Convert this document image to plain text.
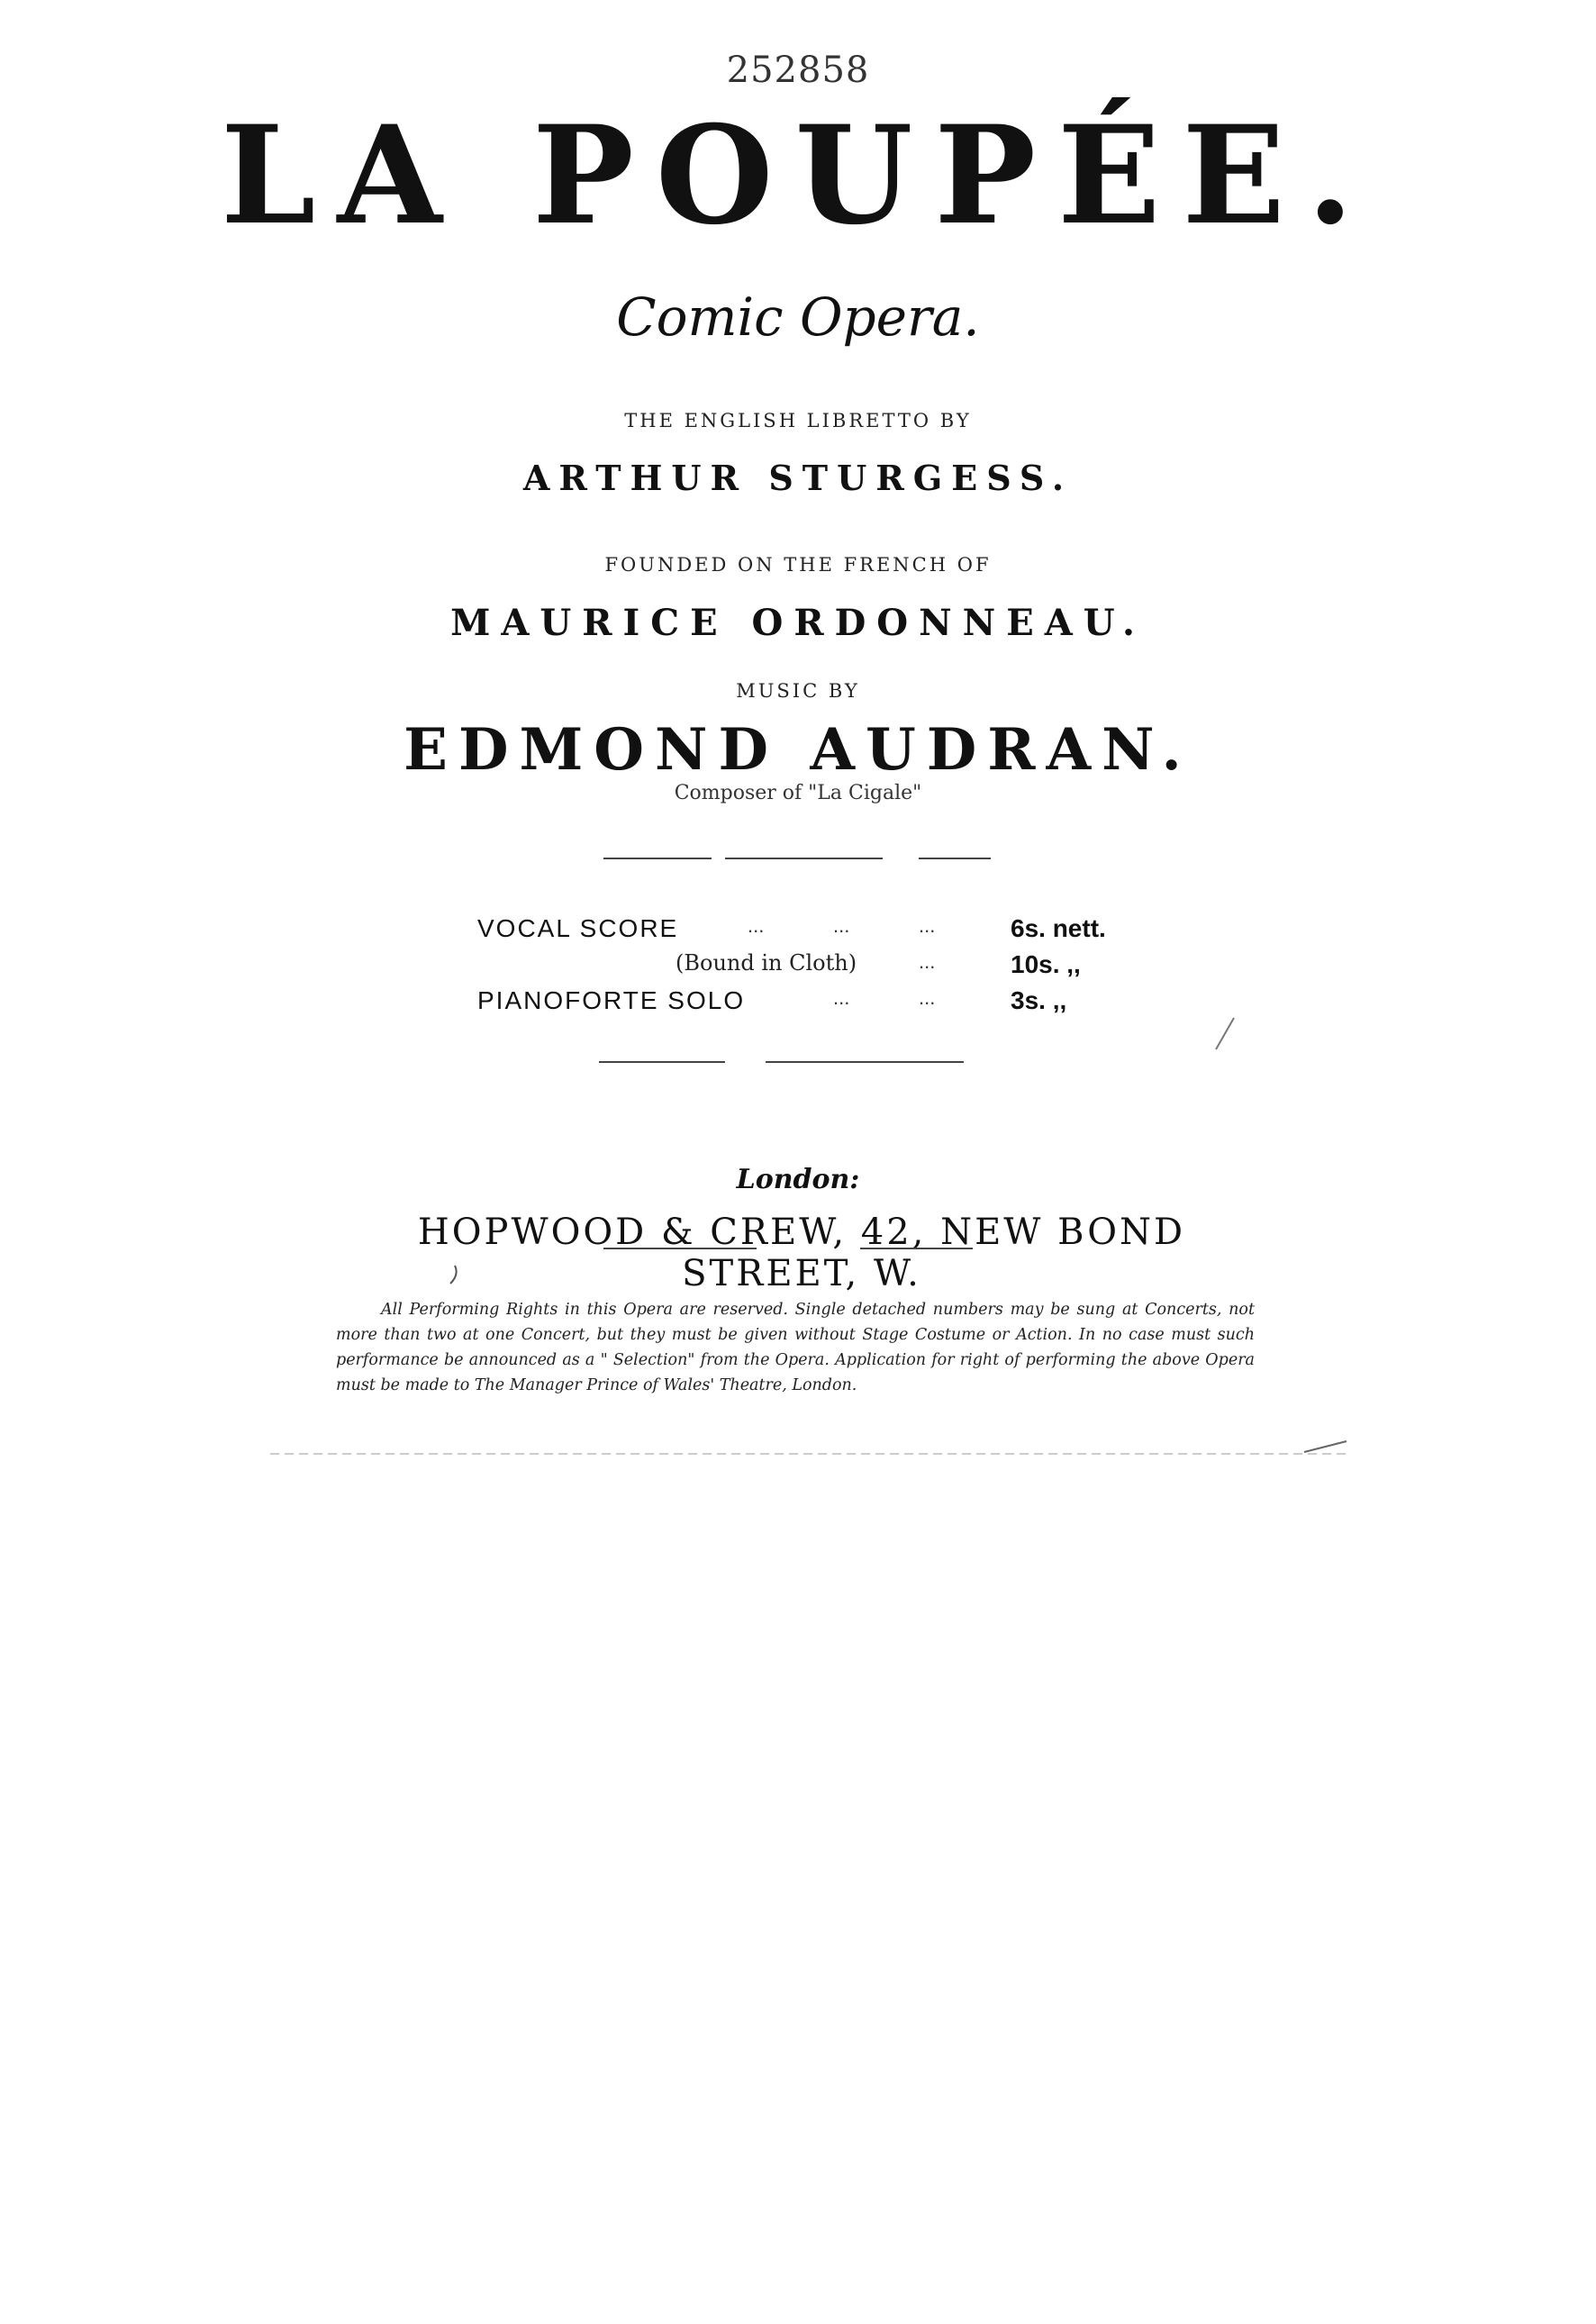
252858
LA POUPÉE.
Comic Opera.
THE ENGLISH LIBRETTO BY
ARTHUR STURGESS.
FOUNDED ON THE FRENCH OF
MAURICE ORDONNEAU.
MUSIC BY
EDMOND AUDRAN.
Composer of "La Cigale"
VOCAL SCORE	...	...	...	6s. nett.
(Bound in Cloth)	...	10s. ,,
PIANOFORTE SOLO	...	...	3s. ,,
London:
HOPWOOD & CREW, 42, NEW BOND STREET, W.
All Performing Rights in this Opera are reserved. Single detached numbers may be sung at Concerts, not more than two at one Concert, but they must be given without Stage Costume or Action. In no case must such performance be announced as a " Selection" from the Opera. Application for right of performing the above Opera must be made to The Manager Prince of Wales' Theatre, London.
